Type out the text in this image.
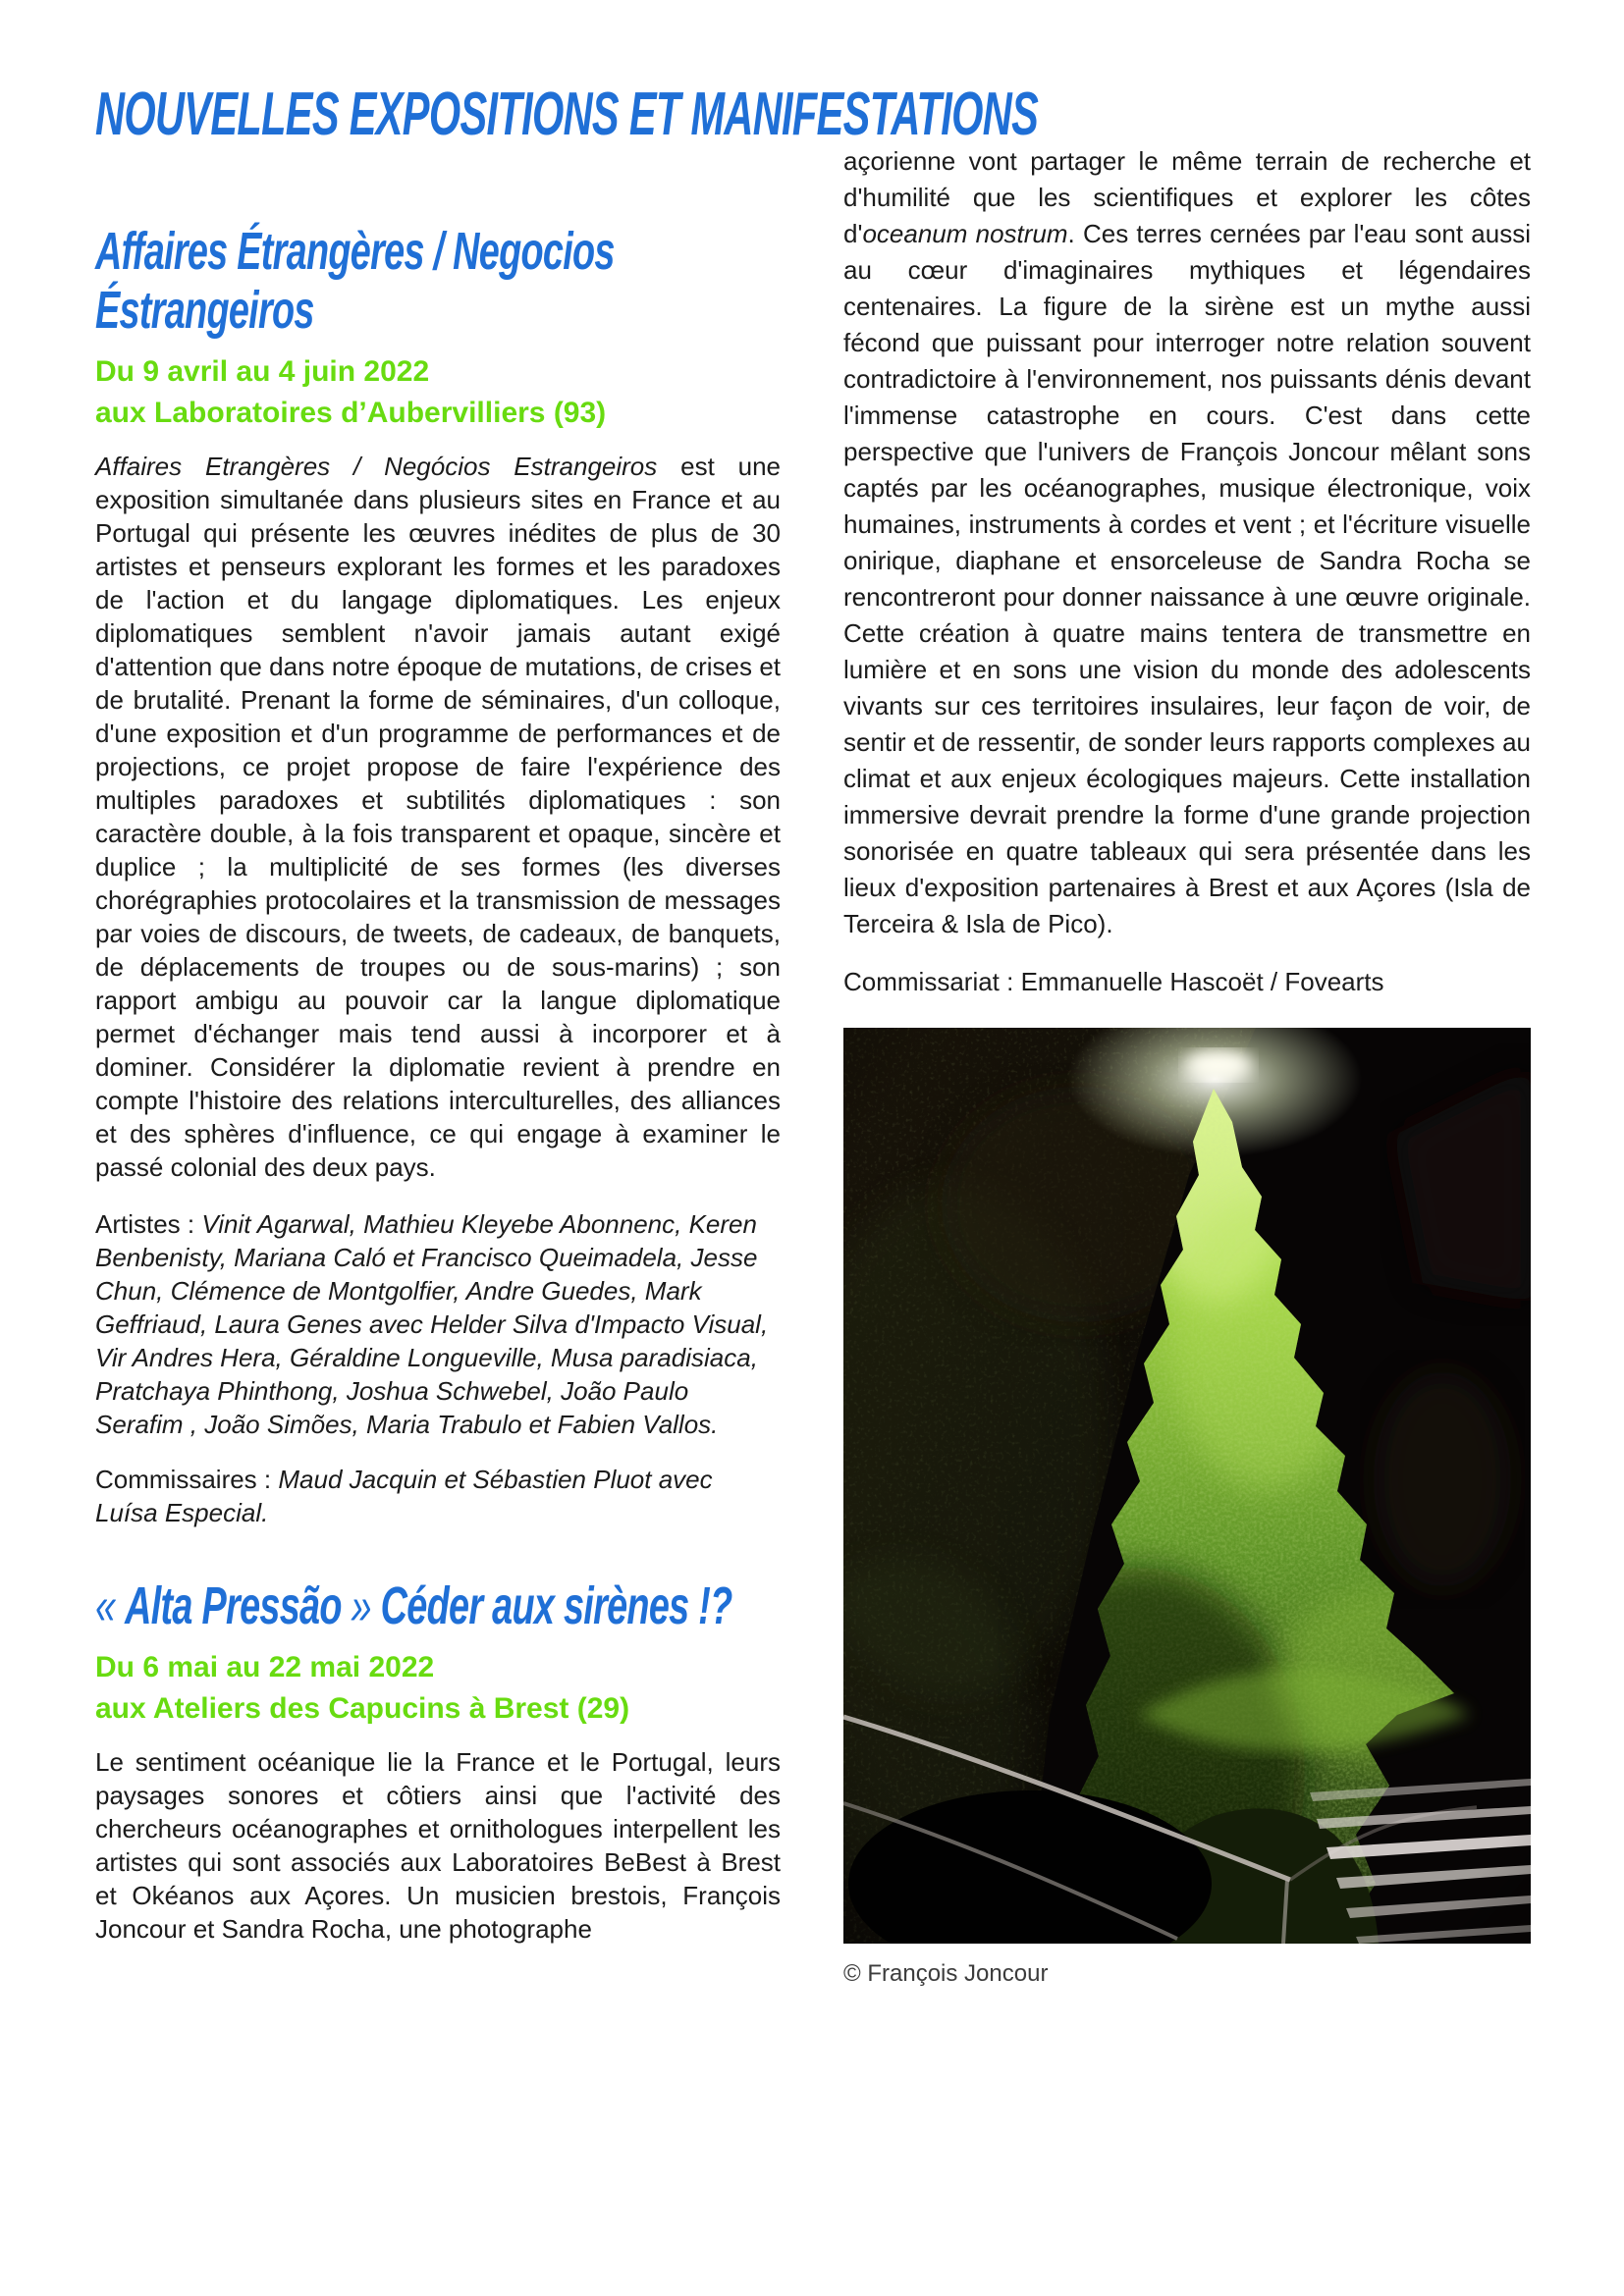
NOUVELLES EXPOSITIONS ET MANIFESTATIONS
Affaires Étrangères / Negocios Éstrangeiros

Du 9 avril au 4 juin 2022
aux Laboratoires d’Aubervilliers (93)

Affaires Etrangères / Negócios Estrangeiros est une exposition simultanée dans plusieurs sites en France et au Portugal qui présente les œuvres inédites de plus de 30 artistes et penseurs explorant les formes et les paradoxes de l'action et du langage diplomatiques. Les enjeux diplomatiques semblent n'avoir jamais autant exigé d'attention que dans notre époque de mutations, de crises et de brutalité. Prenant la forme de séminaires, d'un colloque, d'une exposition et d'un programme de performances et de projections, ce projet propose de faire l'expérience des multiples paradoxes et subtilités diplomatiques : son caractère double, à la fois transparent et opaque, sincère et duplice ; la multiplicité de ses formes (les diverses chorégraphies protocolaires et la transmission de messages par voies de discours, de tweets, de cadeaux, de banquets, de déplacements de troupes ou de sous-marins) ; son rapport ambigu au pouvoir car la langue diplomatique permet d'échanger mais tend aussi à incorporer et à dominer. Considérer la diplomatie revient à prendre en compte l'histoire des relations interculturelles, des alliances et des sphères d'influence, ce qui engage à examiner le passé colonial des deux pays.

Artistes : Vinit Agarwal, Mathieu Kleyebe Abonnenc, Keren Benbenisty, Mariana Caló et Francisco Queimadela, Jesse Chun, Clémence de Montgolfier, Andre Guedes, Mark Geffriaud, Laura Genes avec Helder Silva d'Impacto Visual, Vir Andres Hera, Géraldine Longueville, Musa paradisiaca, Pratchaya Phinthong, Joshua Schwebel, João Paulo Serafim , João Simões, Maria Trabulo et Fabien Vallos.

Commissaires : Maud Jacquin et Sébastien Pluot avec Luísa Especial.

« Alta Pressão » Céder aux sirènes !?

Du 6 mai au 22 mai 2022
aux Ateliers des Capucins à Brest (29)

Le sentiment océanique lie la France et le Portugal, leurs paysages sonores et côtiers ainsi que l'activité des chercheurs océanographes et ornithologues interpellent les artistes qui sont associés aux Laboratoires BeBest à Brest et Okéanos aux Açores. Un musicien brestois, François Joncour et Sandra Rocha, une photographe

açorienne vont partager le même terrain de recherche et d'humilité que les scientifiques et explorer les côtes d'oceanum nostrum. Ces terres cernées par l'eau sont aussi au cœur d'imaginaires mythiques et légendaires centenaires. La figure de la sirène est un mythe aussi fécond que puissant pour interroger notre relation souvent contradictoire à l'environnement, nos puissants dénis devant l'immense catastrophe en cours. C'est dans cette perspective que l'univers de François Joncour mêlant sons captés par les océanographes, musique électronique, voix humaines, instruments à cordes et vent ; et l'écriture visuelle onirique, diaphane et ensorceleuse de Sandra Rocha se rencontreront pour donner naissance à une œuvre originale. Cette création à quatre mains tentera de transmettre en lumière et en sons une vision du monde des adolescents vivants sur ces territoires insulaires, leur façon de voir, de sentir et de ressentir, de sonder leurs rapports complexes au climat et aux enjeux écologiques majeurs. Cette installation immersive devrait prendre la forme d'une grande projection sonorisée en quatre tableaux qui sera présentée dans les lieux d'exposition partenaires à Brest et aux Açores (Isla de Terceira & Isla de Pico).

Commissariat : Emmanuelle Hascoët / Fovearts

© François Joncour
